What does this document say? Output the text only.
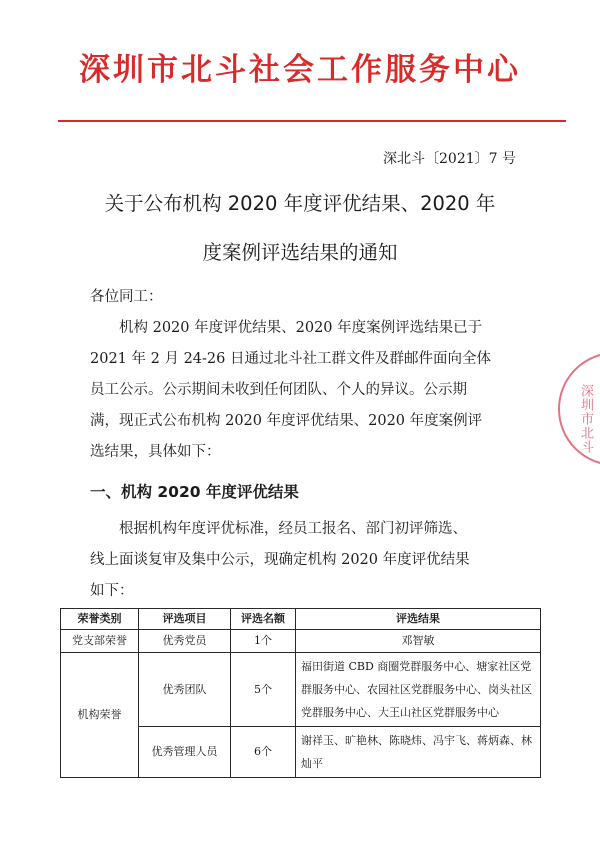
深圳市北斗社会工作服务中心
深北斗〔2021〕7 号
关于公布机构 2020 年度评优结果、2020 年
度案例评选结果的通知

各位同工：

机构 2020 年度评优结果、2020 年度案例评选结果已于

2021 年 2 月 24-26 日通过北斗社工群文件及群邮件面向全体

员工公示。公示期间未收到任何团队、个人的异议。公示期

满，现正式公布机构 2020 年度评优结果、2020 年度案例评

选结果，具体如下：

一、机构 2020 年度评优结果

根据机构年度评优标准，经员工报名、部门初评筛选、

线上面谈复审及集中公示，现确定机构 2020 年度评优结果

如下：

深圳市北斗
荣誉类别	评选项目	评选名额	评选结果
党支部荣誉	优秀党员	1个	邓智敏
机构荣誉	优秀团队	5个	福田街道 CBD 商圈党群服务中心、塘家社区党群服务中心、农园社区党群服务中心、岗头社区党群服务中心、大王山社区党群服务中心
	优秀管理人员	6个	谢祥玉、旷艳林、陈晓炜、冯宇飞、蒋炳森、林灿平
